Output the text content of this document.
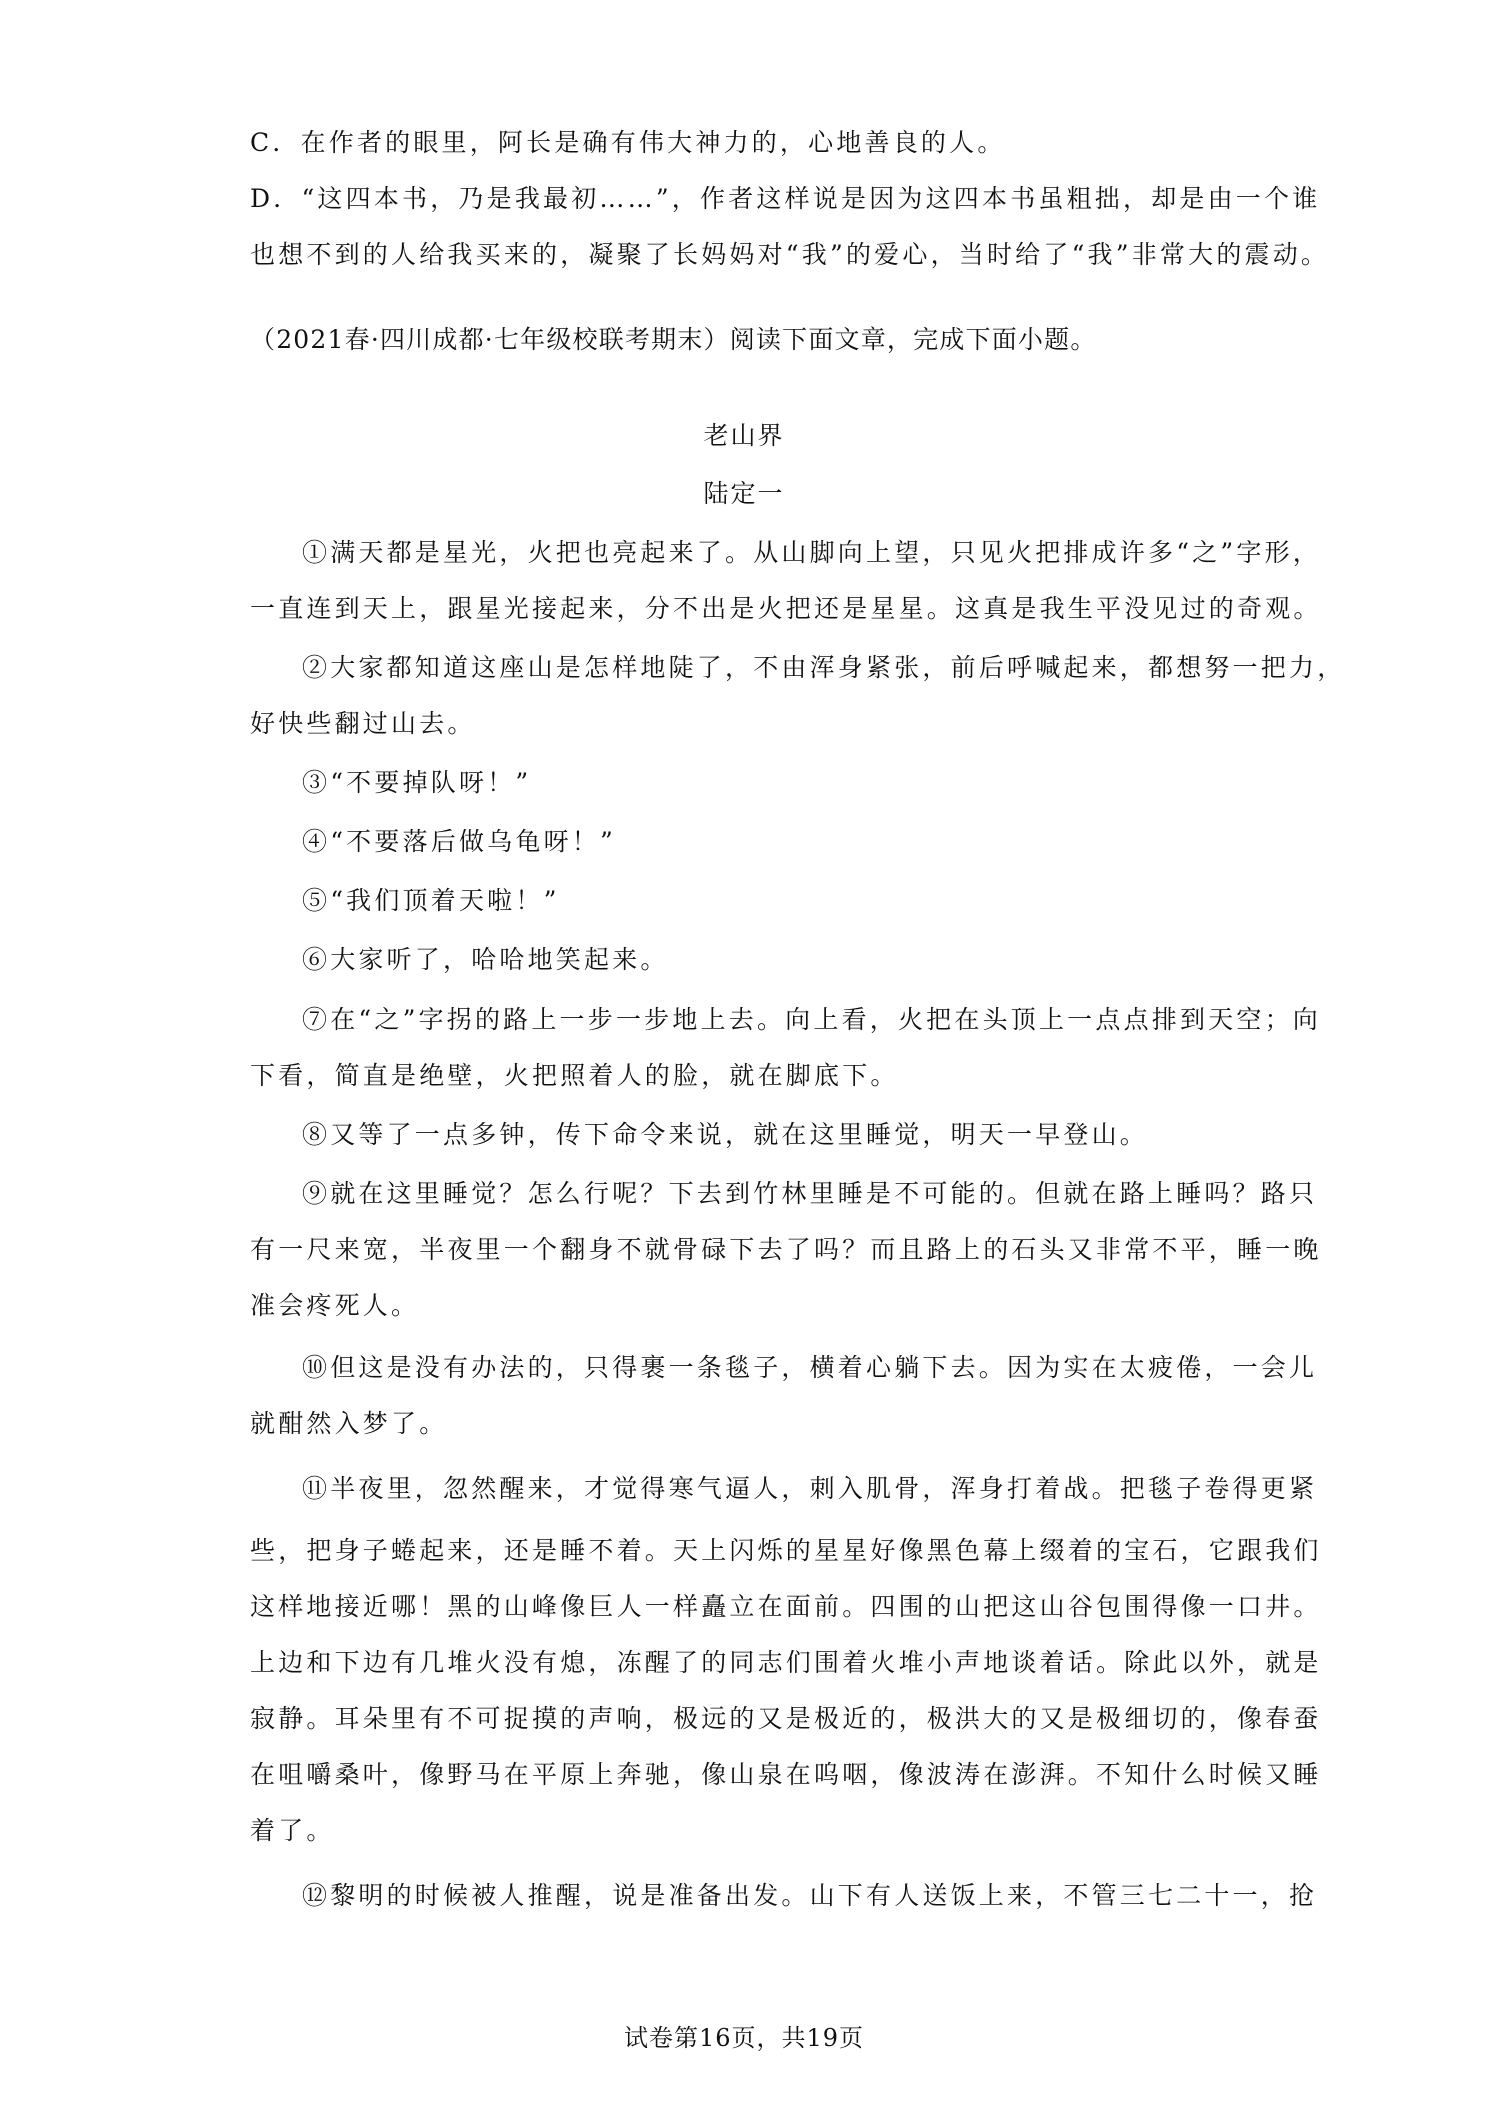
C．在作者的眼里，阿长是确有伟大神力的，心地善良的人。
D．“这四本书，乃是我最初……”，作者这样说是因为这四本书虽粗拙，却是由一个谁
也想不到的人给我买来的，凝聚了长妈妈对“我”的爱心，当时给了“我”非常大的震动。
（2021春·四川成都·七年级校联考期末）阅读下面文章，完成下面小题。
老山界
陆定一
①满天都是星光，火把也亮起来了。从山脚向上望，只见火把排成许多“之”字形，
一直连到天上，跟星光接起来，分不出是火把还是星星。这真是我生平没见过的奇观。
②大家都知道这座山是怎样地陡了，不由浑身紧张，前后呼喊起来，都想努一把力，
好快些翻过山去。
③“不要掉队呀！”
④“不要落后做乌龟呀！”
⑤“我们顶着天啦！”
⑥大家听了，哈哈地笑起来。
⑦在“之”字拐的路上一步一步地上去。向上看，火把在头顶上一点点排到天空；向
下看，简直是绝壁，火把照着人的脸，就在脚底下。
⑧又等了一点多钟，传下命令来说，就在这里睡觉，明天一早登山。
⑨就在这里睡觉？怎么行呢？下去到竹林里睡是不可能的。但就在路上睡吗？路只
有一尺来宽，半夜里一个翻身不就骨碌下去了吗？而且路上的石头又非常不平，睡一晚
准会疼死人。
⑩但这是没有办法的，只得裹一条毯子，横着心躺下去。因为实在太疲倦，一会儿
就酣然入梦了。
⑪半夜里，忽然醒来，才觉得寒气逼人，刺入肌骨，浑身打着战。把毯子卷得更紧
些，把身子蜷起来，还是睡不着。天上闪烁的星星好像黑色幕上缀着的宝石，它跟我们
这样地接近哪！黑的山峰像巨人一样矗立在面前。四围的山把这山谷包围得像一口井。
上边和下边有几堆火没有熄，冻醒了的同志们围着火堆小声地谈着话。除此以外，就是
寂静。耳朵里有不可捉摸的声响，极远的又是极近的，极洪大的又是极细切的，像春蚕
在咀嚼桑叶，像野马在平原上奔驰，像山泉在呜咽，像波涛在澎湃。不知什么时候又睡
着了。
⑫黎明的时候被人推醒，说是准备出发。山下有人送饭上来，不管三七二十一，抢
试卷第16页，共19页
